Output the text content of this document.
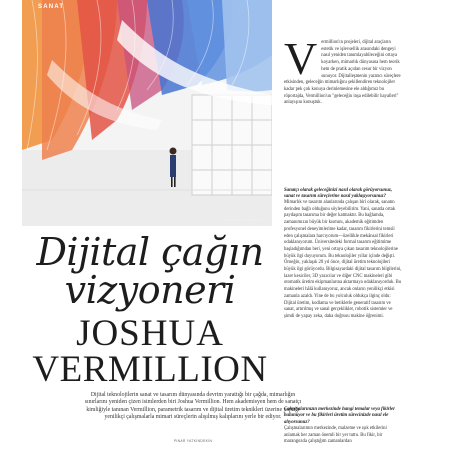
Strange Objects in the Office
SANAT
Dijital çağın
vizyoneri
JOSHUA
VERMILLION
Dijital teknolojilerin sanat ve tasarım dünyasında devrim yarattığı bir çağda, mimarlığın sınırlarını yeniden çizen isimlerden biri Joshua Vermillion. Hem akademisyen hem de sanatçı kimliğiyle tanınan Vermillion, parametrik tasarım ve dijital üretim teknikleri üzerine yaptığı yenilikçi çalışmalarla mimari süreçlerin alışılmış kalıplarını yerle bir ediyor.
PINAR YATKİNDEKİN
V ermillion'ın projeleri, dijital araçların estetik ve işlevsellik arasındaki dengeyi nasıl yeniden tanımlayabileceğini ortaya koyarken, mimarlık dünyasına hem teorik hem de pratik açıdan cesur bir vizyon sunuyor. Dijitalleşmenin yaratıcı süreçlere etkisinden, geleceğin mimarlığını şekillendiren teknolojiler kadar pek çok konuya derinlemesine ele aldığımız bu röportajda, Vermillion'un "geleceğin inşa edilebilir hayalleri" anlayışını konuştuk.

Sanatçı olarak geleceğinizi nasıl olarak görüyorsunuz, sanat ve tasarım süreçlerine nasıl yaklaşıyorsunuz?

Mimarlık ve tasarım alanlarında çalışan biri olarak, sanatın derinden bağlı olduğunu söyleyebilirim. Yani, sanatla ortak paydaşım tasarıma bir değer katmaktır. Bu bağlamda, zamanımızın büyük bir kısmını, akademik eğitimden profesyonel deneyimlerime kadar, tasarım fikirlerini temsil eden çalışmalara harcıyorum—özellikle mekânsal fikirleri odaklanıyorum. Üniversitedeki formal tasarım eğitimime başladığımdan beri, yeni ortaya çıkan tasarım teknolojilerine büyük ilgi duyuyorum. Bu teknolojiler yıllar içinde değişti. Örneğin, yaklaşık 20 yıl önce, dijital üretim teknolojileri büyük ilgi görüyordu. Bilgisayardaki dijital tasarım bilgilerini, lazer kesiciler, 3D yazıcılar ve diğer CNC makineleri gibi otomatik üretim ekipmanlarına aktarmaya odaklanıyorduk. Bu makineleri hâlâ kullanıyoruz, ancak onların yenilikçi etkisi zamanla azaldı. Yine de bu yolculuk oldukça ilginç oldu: Dijital üretim, kodlama ve betiklerle generatif tasarım ve sanat, artırılmış ve sanal gerçeklikler, robotik sistemler ve şimdi de yapay zeka, daha doğrusu makine öğrenimi.

Çalışmalarınızın merkezinde hangi temalar veya fikirler bulunuyor ve bu fikirleri üretim sürecinizde nasıl ele alıyorsunuz?

Çalışmalarımın merkezinde, malzeme ve ışık etkilerini anlamak her zaman önemli bir yer tuttu. Bu fikir, bir marangozda çalıştığım zamanlardan
